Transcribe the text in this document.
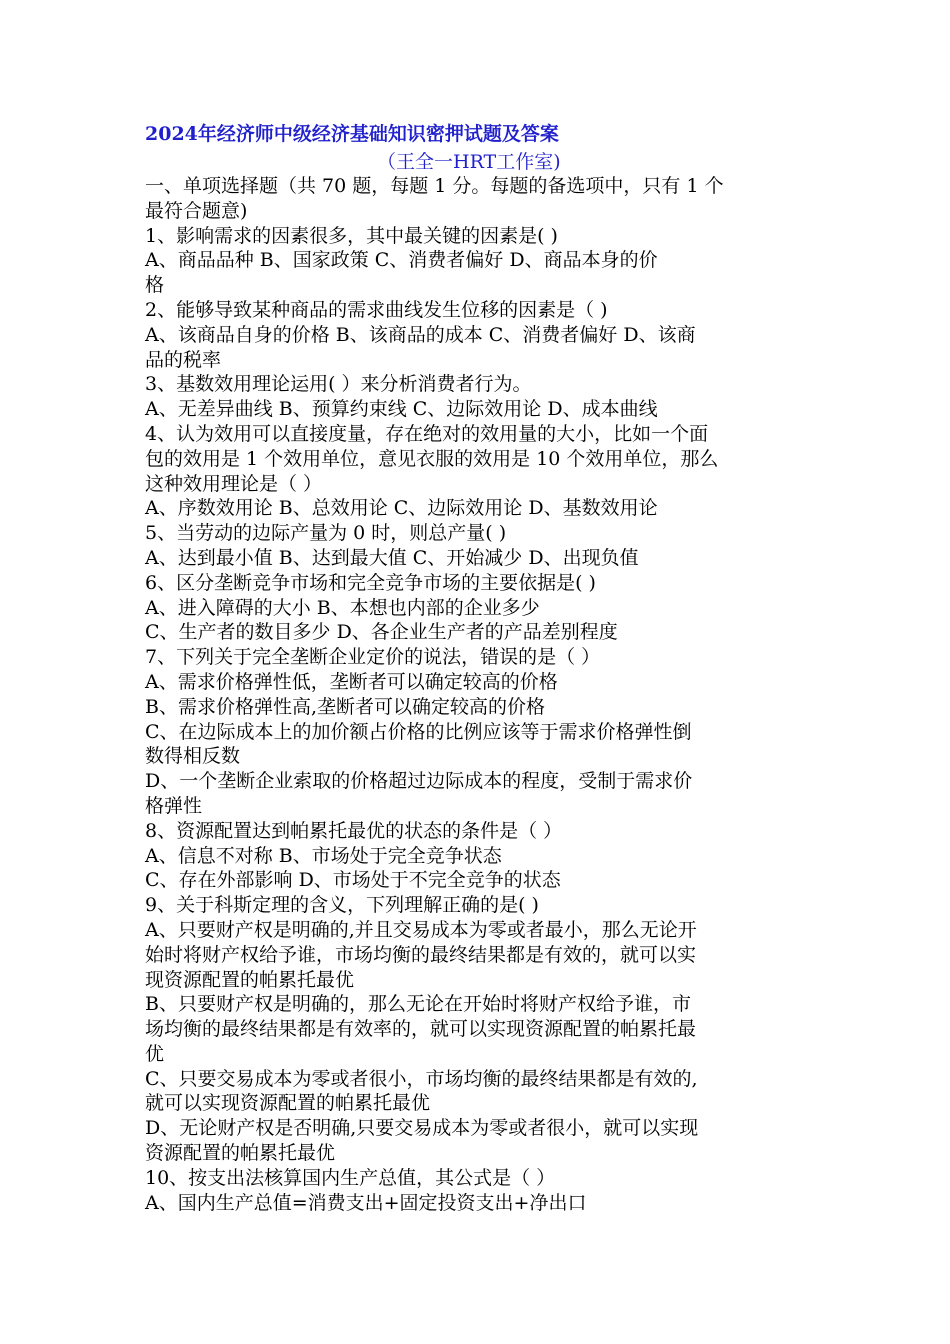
2024年经济师中级经济基础知识密押试题及答案
（王全一HRT工作室)
一、单项选择题（共 70 题，每题 1 分。每题的备选项中，只有 1 个
最符合题意)
1、影响需求的因素很多，其中最关键的因素是( )
A、商品品种 B、国家政策 C、消费者偏好 D、商品本身的价
格
2、能够导致某种商品的需求曲线发生位移的因素是（ )
A、该商品自身的价格 B、该商品的成本 C、消费者偏好 D、该商
品的税率
3、基数效用理论运用( ）来分析消费者行为。
A、无差异曲线 B、预算约束线 C、边际效用论 D、成本曲线
4、认为效用可以直接度量，存在绝对的效用量的大小，比如一个面
包的效用是 1 个效用单位，意见衣服的效用是 10 个效用单位，那么
这种效用理论是（ ）
A、序数效用论 B、总效用论 C、边际效用论 D、基数效用论
5、当劳动的边际产量为 0 时，则总产量( )
A、达到最小值 B、达到最大值 C、开始减少 D、出现负值
6、区分垄断竞争市场和完全竞争市场的主要依据是( )
A、进入障碍的大小 B、本想也内部的企业多少
C、生产者的数目多少 D、各企业生产者的产品差别程度
7、下列关于完全垄断企业定价的说法，错误的是（ ）
A、需求价格弹性低，垄断者可以确定较高的价格
B、需求价格弹性高,垄断者可以确定较高的价格
C、在边际成本上的加价额占价格的比例应该等于需求价格弹性倒
数得相反数
D、一个垄断企业索取的价格超过边际成本的程度，受制于需求价
格弹性
8、资源配置达到帕累托最优的状态的条件是（ ）
A、信息不对称 B、市场处于完全竞争状态
C、存在外部影响 D、市场处于不完全竞争的状态
9、关于科斯定理的含义，下列理解正确的是( )
A、只要财产权是明确的,并且交易成本为零或者最小，那么无论开
始时将财产权给予谁，市场均衡的最终结果都是有效的，就可以实
现资源配置的帕累托最优
B、只要财产权是明确的，那么无论在开始时将财产权给予谁，市
场均衡的最终结果都是有效率的，就可以实现资源配置的帕累托最
优
C、只要交易成本为零或者很小，市场均衡的最终结果都是有效的,
就可以实现资源配置的帕累托最优
D、无论财产权是否明确,只要交易成本为零或者很小，就可以实现
资源配置的帕累托最优
10、按支出法核算国内生产总值，其公式是（ ）
A、国内生产总值=消费支出+固定投资支出+净出口
